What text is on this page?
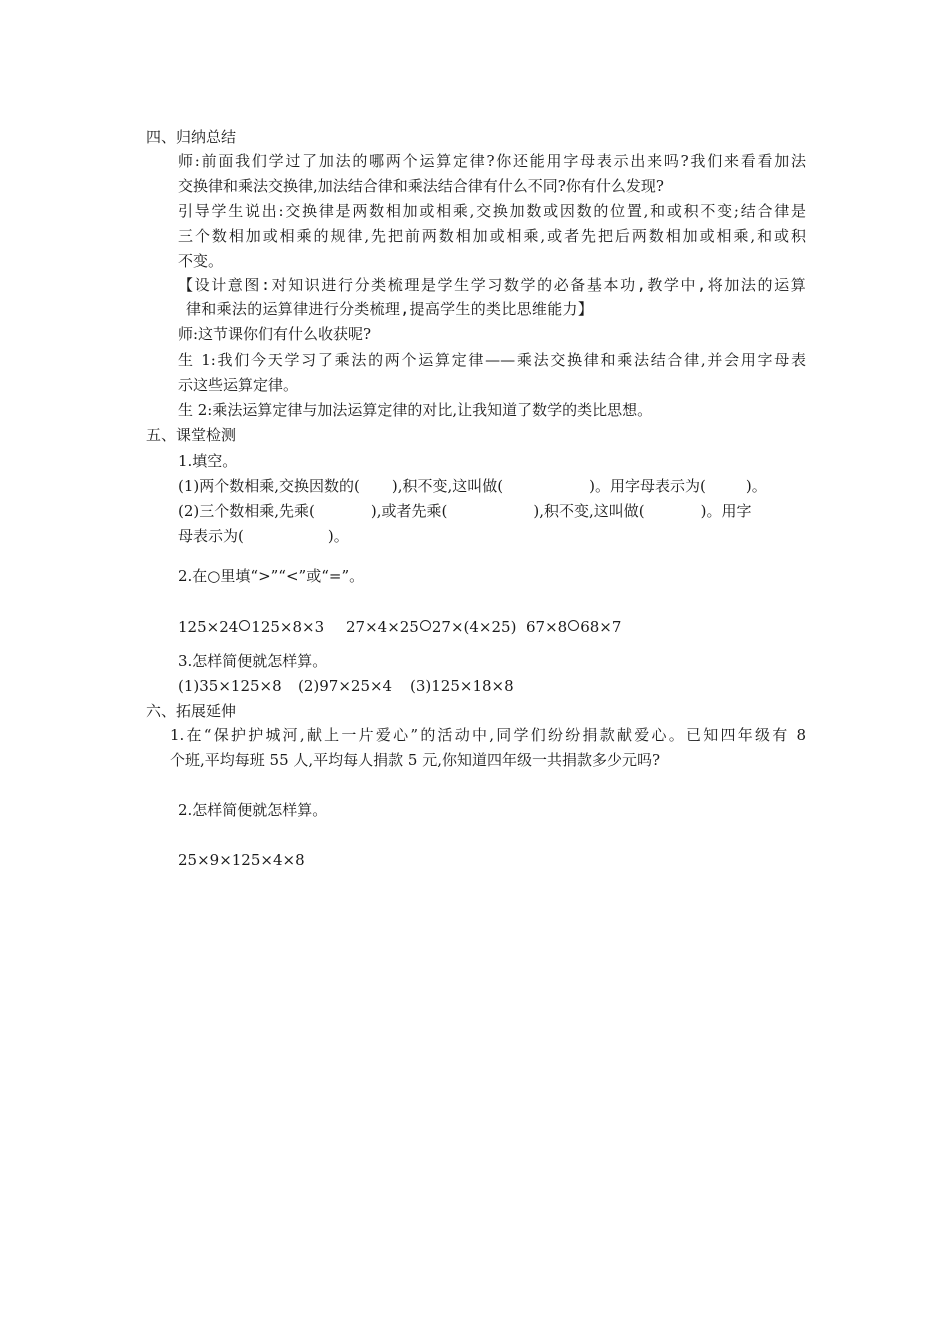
四、归纳总结
师:前面我们学过了加法的哪两个运算定律?你还能用字母表示出来吗?我们来看看加法
交换律和乘法交换律,加法结合律和乘法结合律有什么不同?你有什么发现?
引导学生说出:交换律是两数相加或相乘,交换加数或因数的位置,和或积不变;结合律是
三个数相加或相乘的规律,先把前两数相加或相乘,或者先把后两数相加或相乘,和或积
不变。
【设计意图:对知识进行分类梳理是学生学习数学的必备基本功,教学中,将加法的运算
律和乘法的运算律进行分类梳理,提高学生的类比思维能力】
师:这节课你们有什么收获呢?
生 1:我们今天学习了乘法的两个运算定律——乘法交换律和乘法结合律,并会用字母表
示这些运算定律。
生 2:乘法运算定律与加法运算定律的对比,让我知道了数学的类比思想。
五、课堂检测
1.填空。
(1)两个数相乘,交换因数的( ),积不变,这叫做(	)。用字母表示为(	)。
(2)三个数相乘,先乘(	),或者先乘(	),积不变,这叫做(	)。用字
母表示为(	)。
2.在○里填“>”“<”或“=”。
125×24 125×8×3 27×4×25 27×(4×25) 67×8 68×7
3.怎样简便就怎样算。
(1)35×125×8 (2)97×25×4 (3)125×18×8
六、拓展延伸
1.在“保护护城河,献上一片爱心”的活动中,同学们纷纷捐款献爱心。已知四年级有 8
个班,平均每班 55 人,平均每人捐款 5 元,你知道四年级一共捐款多少元吗?
2.怎样简便就怎样算。
25×9×125×4×8
